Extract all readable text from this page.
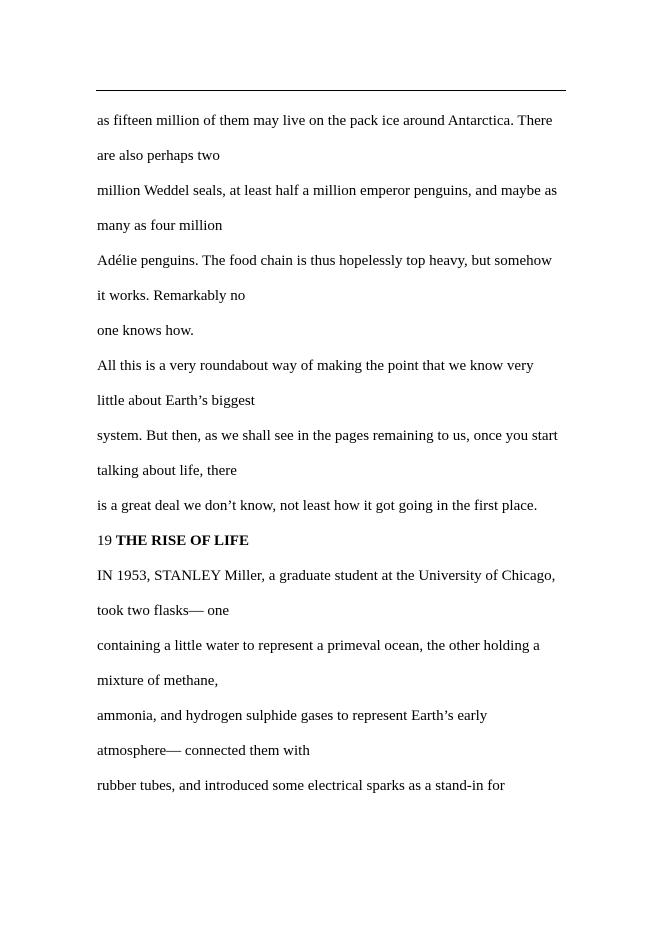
as fifteen million of them may live on the pack ice around Antarctica. There
are also perhaps two
million Weddel seals, at least half a million emperor penguins, and maybe as
many as four million
Adélie penguins. The food chain is thus hopelessly top heavy, but somehow
it works. Remarkably no
one knows how.
All this is a very roundabout way of making the point that we know very
little about Earth’s biggest
system. But then, as we shall see in the pages remaining to us, once you start
talking about life, there
is a great deal we don’t know, not least how it got going in the first place.
19 THE RISE OF LIFE
IN 1953, STANLEY Miller, a graduate student at the University of Chicago,
took two flasks— one
containing a little water to represent a primeval ocean, the other holding a
mixture of methane,
ammonia, and hydrogen sulphide gases to represent Earth’s early
atmosphere— connected them with
rubber tubes, and introduced some electrical sparks as a stand-in for
